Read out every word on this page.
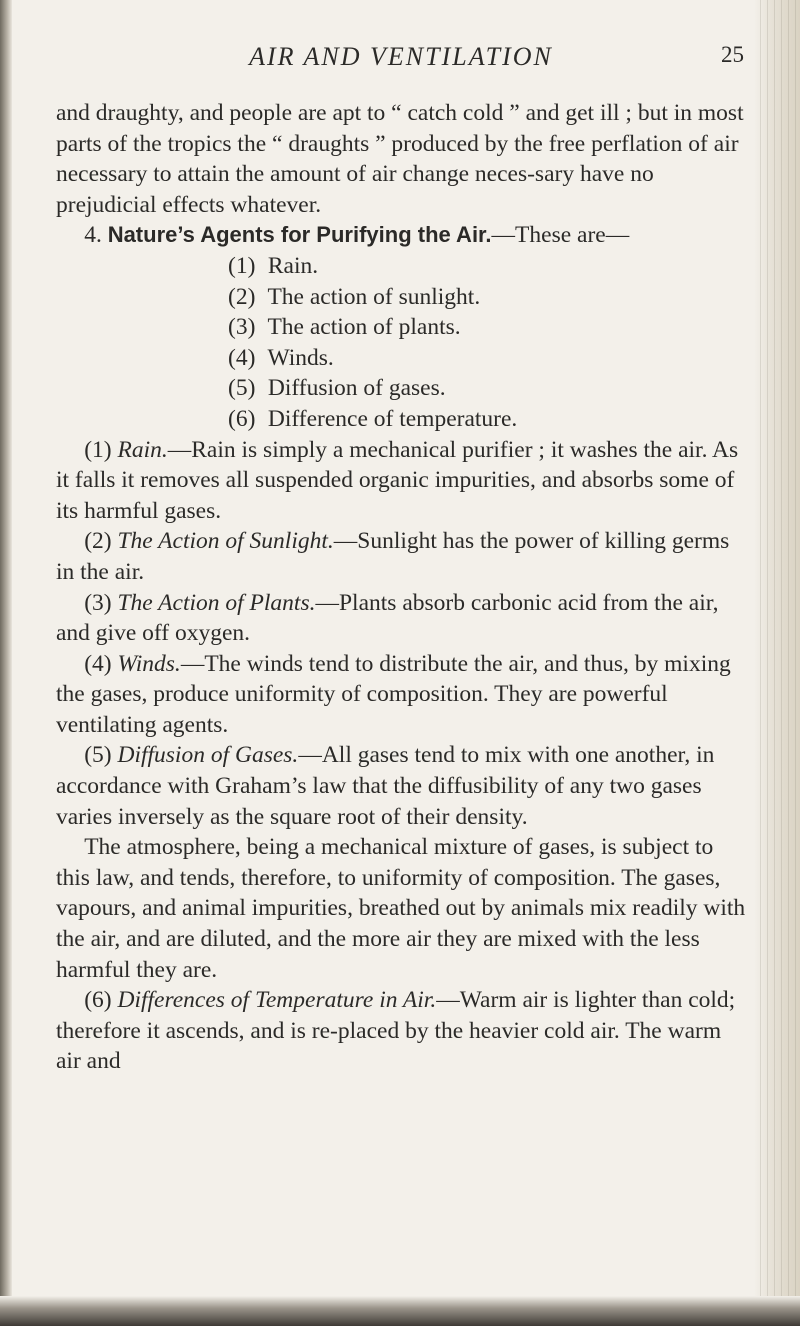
AIR AND VENTILATION	25

and draughty, and people are apt to “ catch cold ” and get ill ; but in most parts of the tropics the “ draughts ” produced by the free perflation of air necessary to attain the amount of air change neces-sary have no prejudicial effects whatever.

4. Nature’s Agents for Purifying the Air.—These are—

(1) Rain.
(2) The action of sunlight.
(3) The action of plants.
(4) Winds.
(5) Diffusion of gases.
(6) Difference of temperature.

(1) Rain.—Rain is simply a mechanical purifier ; it washes the air. As it falls it removes all suspended organic impurities, and absorbs some of its harmful gases.

(2) The Action of Sunlight.—Sunlight has the power of killing germs in the air.

(3) The Action of Plants.—Plants absorb carbonic acid from the air, and give off oxygen.

(4) Winds.—The winds tend to distribute the air, and thus, by mixing the gases, produce uniformity of composition. They are powerful ventilating agents.

(5) Diffusion of Gases.—All gases tend to mix with one another, in accordance with Graham’s law that the diffusibility of any two gases varies inversely as the square root of their density.

The atmosphere, being a mechanical mixture of gases, is subject to this law, and tends, therefore, to uniformity of composition. The gases, vapours, and animal impurities, breathed out by animals mix readily with the air, and are diluted, and the more air they are mixed with the less harmful they are.

(6) Differences of Temperature in Air.—Warm air is lighter than cold; therefore it ascends, and is re-placed by the heavier cold air. The warm air and
